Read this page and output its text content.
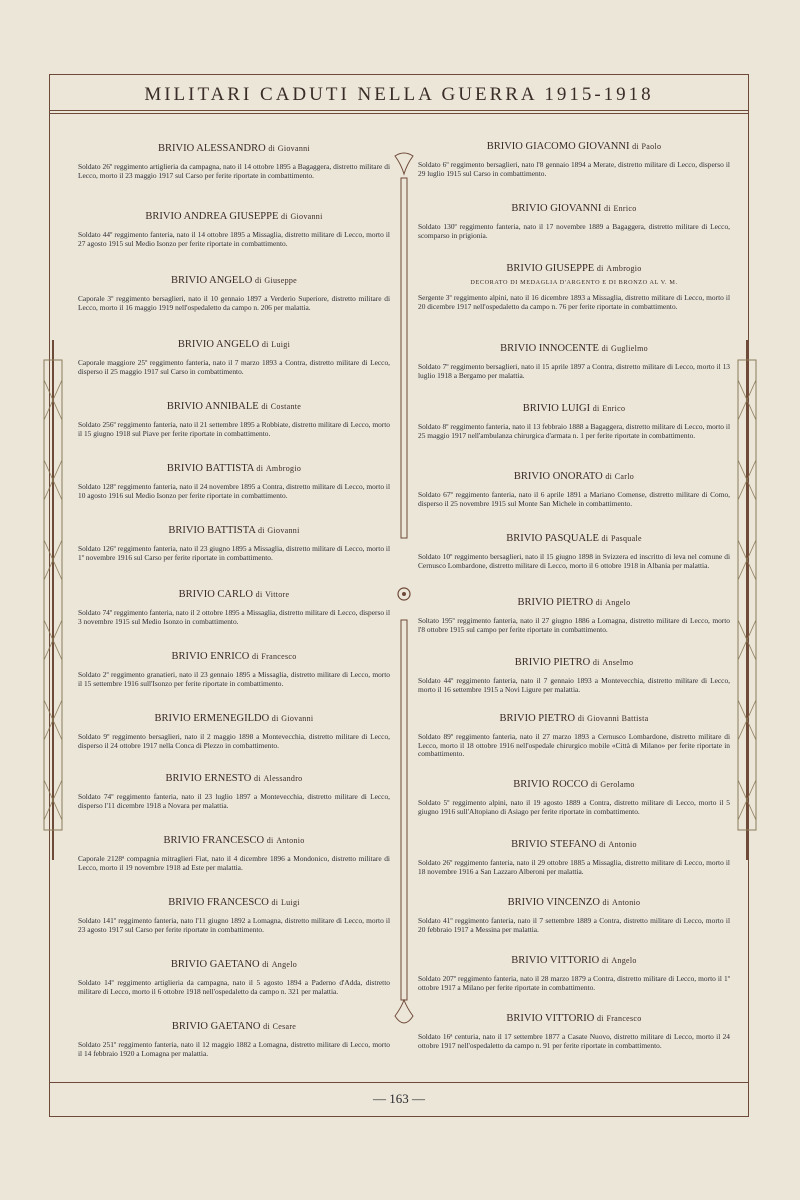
MILITARI CADUTI NELLA GUERRA 1915-1918
BRIVIO ALESSANDRO di Giovanni
Soldato 26º reggimento artiglieria da campagna, nato il 14 ottobre 1895 a Bagaggera, distretto militare di Lecco, morto il 23 maggio 1917 sul Carso per ferite riportate in combattimento.
BRIVIO ANDREA GIUSEPPE di Giovanni
Soldato 44º reggimento fanteria, nato il 14 ottobre 1895 a Missaglia, distretto militare di Lecco, morto il 27 agosto 1915 sul Medio Isonzo per ferite riportate in combattimento.
BRIVIO ANGELO di Giuseppe
Caporale 3º reggimento bersaglieri, nato il 10 gennaio 1897 a Verderio Superiore, distretto militare di Lecco, morto il 16 maggio 1919 nell'ospedaletto da campo n. 206 per malattia.
BRIVIO ANGELO di Luigi
Caporale maggiore 25º reggimento fanteria, nato il 7 marzo 1893 a Contra, distretto militare di Lecco, disperso il 25 maggio 1917 sul Carso in combattimento.
BRIVIO ANNIBALE di Costante
Soldato 256º reggimento fanteria, nato il 21 settembre 1895 a Robbiate, distretto militare di Lecco, morto il 15 giugno 1918 sul Piave per ferite riportate in combattimento.
BRIVIO BATTISTA di Ambrogio
Soldato 128º reggimento fanteria, nato il 24 novembre 1895 a Contra, distretto militare di Lecco, morto il 10 agosto 1916 sul Medio Isonzo per ferite riportate in combattimento.
BRIVIO BATTISTA di Giovanni
Soldato 126º reggimento fanteria, nato il 23 giugno 1895 a Missaglia, distretto militare di Lecco, morto il 1º novembre 1916 sul Carso per ferite riportate in combattimento.
BRIVIO CARLO di Vittore
Soldato 74º reggimento fanteria, nato il 2 ottobre 1895 a Missaglia, distretto militare di Lecco, disperso il 3 novembre 1915 sul Medio Isonzo in combattimento.
BRIVIO ENRICO di Francesco
Soldato 2º reggimento granatieri, nato il 23 gennaio 1895 a Missaglia, distretto militare di Lecco, morto il 15 settembre 1916 sull'Isonzo per ferite riportate in combattimento.
BRIVIO ERMENEGILDO di Giovanni
Soldato 9º reggimento bersaglieri, nato il 2 maggio 1898 a Montevecchia, distretto militare di Lecco, disperso il 24 ottobre 1917 nella Conca di Plezzo in combattimento.
BRIVIO ERNESTO di Alessandro
Soldato 74º reggimento fanteria, nato il 23 luglio 1897 a Montevecchia, distretto militare di Lecco, disperso l'11 dicembre 1918 a Novara per malattia.
BRIVIO FRANCESCO di Antonio
Caporale 2128ª compagnia mitraglieri Fiat, nato il 4 dicembre 1896 a Mondonico, distretto militare di Lecco, morto il 19 novembre 1918 ad Este per malattia.
BRIVIO FRANCESCO di Luigi
Soldato 141º reggimento fanteria, nato l'11 giugno 1892 a Lomagna, distretto militare di Lecco, morto il 23 agosto 1917 sul Carso per ferite riportate in combattimento.
BRIVIO GAETANO di Angelo
Soldato 14º reggimento artiglieria da campagna, nato il 5 agosto 1894 a Paderno d'Adda, distretto militare di Lecco, morto il 6 ottobre 1918 nell'ospedaletto da campo n. 321 per malattia.
BRIVIO GAETANO di Cesare
Soldato 251º reggimento fanteria, nato il 12 maggio 1882 a Lomagna, distretto militare di Lecco, morto il 14 febbraio 1920 a Lomagna per malattia.
BRIVIO GIACOMO GIOVANNI di Paolo
Soldato 6º reggimento bersaglieri, nato l'8 gennaio 1894 a Merate, distretto militare di Lecco, disperso il 29 luglio 1915 sul Carso in combattimento.
BRIVIO GIOVANNI di Enrico
Soldato 130º reggimento fanteria, nato il 17 novembre 1889 a Bagaggera, distretto militare di Lecco, scomparso in prigionia.
BRIVIO GIUSEPPE di Ambrogio
DECORATO DI MEDAGLIA D'ARGENTO E DI BRONZO AL V. M.
Sergente 3º reggimento alpini, nato il 16 dicembre 1893 a Missaglia, distretto militare di Lecco, morto il 20 dicembre 1917 nell'ospedaletto da campo n. 76 per ferite riportate in combattimento.
BRIVIO INNOCENTE di Guglielmo
Soldato 7º reggimento bersaglieri, nato il 15 aprile 1897 a Contra, distretto militare di Lecco, morto il 13 luglio 1918 a Bergamo per malattia.
BRIVIO LUIGI di Enrico
Soldato 8º reggimento fanteria, nato il 13 febbraio 1888 a Bagaggera, distretto militare di Lecco, morto il 25 maggio 1917 nell'ambulanza chirurgica d'armata n. 1 per ferite riportate in combattimento.
BRIVIO ONORATO di Carlo
Soldato 67º reggimento fanteria, nato il 6 aprile 1891 a Mariano Comense, distretto militare di Como, disperso il 25 novembre 1915 sul Monte San Michele in combattimento.
BRIVIO PASQUALE di Pasquale
Soldato 10º reggimento bersaglieri, nato il 15 giugno 1898 in Svizzera ed inscritto di leva nel comune di Cernusco Lombardone, distretto militare di Lecco, morto il 6 ottobre 1918 in Albania per malattia.
BRIVIO PIETRO di Angelo
Soltato 195º reggimento fanteria, nato il 27 giugno 1886 a Lomagna, distretto militare di Lecco, morto l'8 ottobre 1915 sul campo per ferite riportate in combattimento.
BRIVIO PIETRO di Anselmo
Soldato 44º reggimento fanteria, nato il 7 gennaio 1893 a Montevecchia, distretto militare di Lecco, morto il 16 settembre 1915 a Novi Ligure per malattia.
BRIVIO PIETRO di Giovanni Battista
Soldato 89º reggimento fanteria, nato il 27 marzo 1893 a Cernusco Lombardone, distretto militare di Lecco, morto il 18 ottobre 1916 nell'ospedale chirurgico mobile «Città di Milano» per ferite riportate in combattimento.
BRIVIO ROCCO di Gerolamo
Soldato 5º reggimento alpini, nato il 19 agosto 1889 a Contra, distretto militare di Lecco, morto il 5 giugno 1916 sull'Altopiano di Asiago per ferite riportate in combattimento.
BRIVIO STEFANO di Antonio
Soldato 26º reggimento fanteria, nato il 29 ottobre 1885 a Missaglia, distretto militare di Lecco, morto il 18 novembre 1916 a San Lazzaro Alberoni per malattia.
BRIVIO VINCENZO di Antonio
Soldato 41º reggimento fanteria, nato il 7 settembre 1889 a Contra, distretto militare di Lecco, morto il 20 febbraio 1917 a Messina per malattia.
BRIVIO VITTORIO di Angelo
Soldato 207º reggimento fanteria, nato il 28 marzo 1879 a Contra, distretto militare di Lecco, morto il 1º ottobre 1917 a Milano per ferite riportate in combattimento.
BRIVIO VITTORIO di Francesco
Soldato 16ª centuria, nato il 17 settembre 1877 a Casate Nuovo, distretto militare di Lecco, morto il 24 ottobre 1917 nell'ospedaletto da campo n. 91 per ferite riportate in combattimento.
— 163 —
